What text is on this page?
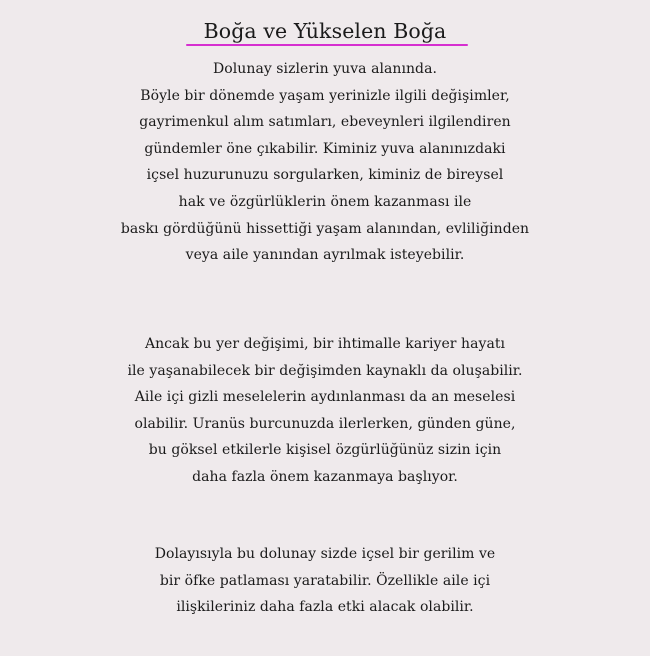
Boğa ve Yükselen Boğa

Dolunay sizlerin yuva alanında.
Böyle bir dönemde yaşam yerinizle ilgili değişimler,
gayrimenkul alım satımları, ebeveynleri ilgilendiren
gündemler öne çıkabilir. Kiminiz yuva alanınızdaki
içsel huzurunuzu sorgularken, kiminiz de bireysel
hak ve özgürlüklerin önem kazanması ile
baskı gördüğünü hissettiği yaşam alanından, evliliğinden
veya aile yanından ayrılmak isteyebilir.

Ancak bu yer değişimi, bir ihtimalle kariyer hayatı
ile yaşanabilecek bir değişimden kaynaklı da oluşabilir.
Aile içi gizli meselelerin aydınlanması da an meselesi
olabilir. Uranüs burcunuzda ilerlerken, günden güne,
bu göksel etkilerle kişisel özgürlüğünüz sizin için
daha fazla önem kazanmaya başlıyor.

Dolayısıyla bu dolunay sizde içsel bir gerilim ve
bir öfke patlaması yaratabilir. Özellikle aile içi
ilişkileriniz daha fazla etki alacak olabilir.
